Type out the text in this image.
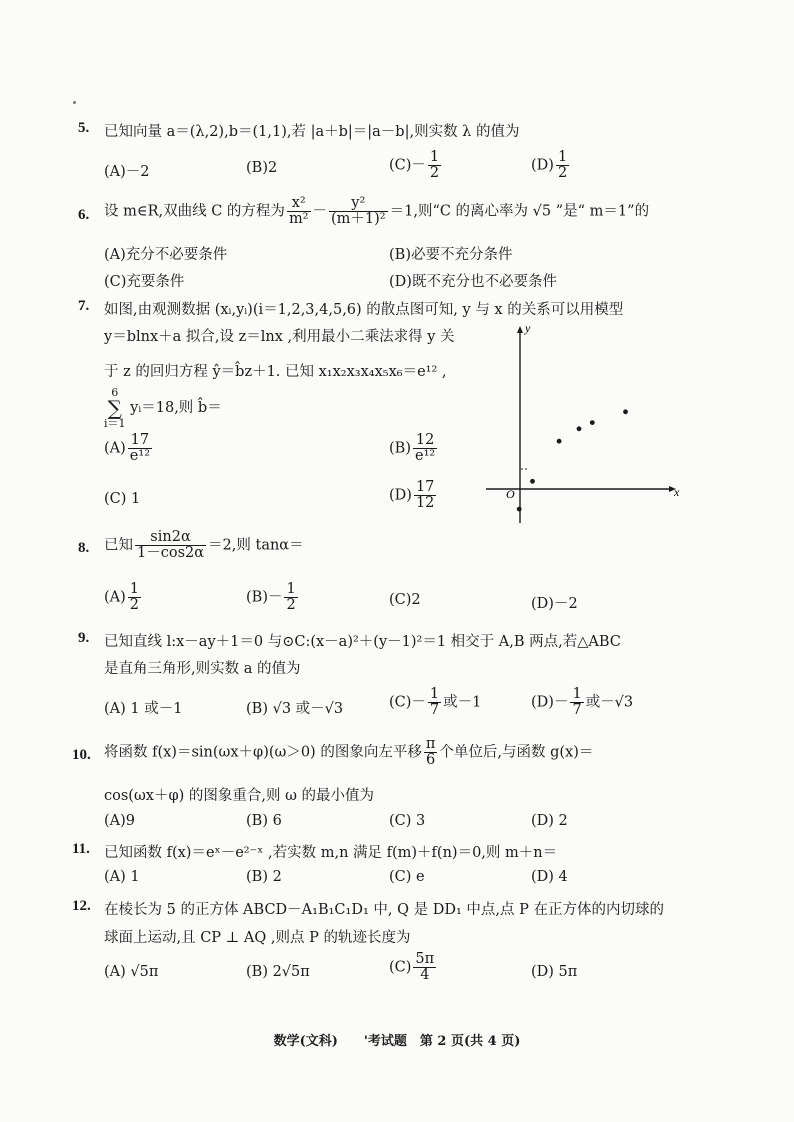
5. 已知向量 a＝(λ,2),b＝(1,1),若 |a＋b|＝|a－b|,则实数 λ 的值为
(A)－2	(B)2	$(C)- \frac{1}{2}$	$(D) \frac{1}{2}$
6. 设 m∈R,双曲线 C 的方程为 $\frac{\text{x²}}{\text{m²}} - \frac{\text{y²}}{\text{(m＋1)²}} =1$,则“C 的离心率为 √5 ”是“ m＝1”的
(A)充分不必要条件	(B)必要不充分条件
(C)充要条件	(D)既不充分也不必要条件
7. 如图,由观测数据 (xᵢ,yᵢ)(i＝1,2,3,4,5,6) 的散点图可知, y 与 x 的关系可以用模型
y＝blnx＋a 拟合,设 z＝lnx ,利用最小二乘法求得 y 关
于 z 的回归方程 ŷ＝b̂z＋1. 已知 x₁x₂x₃x₄x₅x₆＝e¹² ,
6
∑
i＝1
yᵢ＝18,则 b̂＝
$(A) \frac{17}{\text{e¹²}}$	$(B) \frac{12}{\text{e¹²}}$
(C) 1	$(D) \frac{17}{12}$	x
y
O
8. 已知 $\frac{\sin 2\alpha}{1-\cos 2\alpha} =2$,则 tanα＝
$(A) \frac{1}{2}$	$(B)- \frac{1}{2}$	(C)2	(D)－2
9. 已知直线 l:x－ay＋1＝0 与⊙C:(x－a)²＋(y－1)²＝1 相交于 A,B 两点,若△ABC
是直角三角形,则实数 a 的值为
(A) 1 或－1	(B) √3 或－√3	$(C)- \frac{1}{7}$ 或－1	$(D)- \frac{1}{7}$ 或－√3
10. 将函数 f(x)＝sin(ωx＋φ)(ω＞0) 的图象向左平移 $\frac{\pi}{6}$ 个单位后,与函数 g(x)＝
cos(ωx＋φ) 的图象重合,则 ω 的最小值为
(A)9	(B) 6	(C) 3	(D) 2
11. 已知函数 f(x)＝eˣ－e²⁻ˣ ,若实数 m,n 满足 f(m)＋f(n)＝0,则 m＋n＝
(A) 1	(B) 2	(C) e	(D) 4
12. 在棱长为 5 的正方体 ABCD－A₁B₁C₁D₁ 中, Q 是 DD₁ 中点,点 P 在正方体的内切球的
球面上运动,且 CP ⊥ AQ ,则点 P 的轨迹长度为
(A) √5π	(B) 2√5π	$(C) \frac{5\pi}{4}$	(D) 5π
数学(文科)　　'考试题　第 2 页(共 4 页)
